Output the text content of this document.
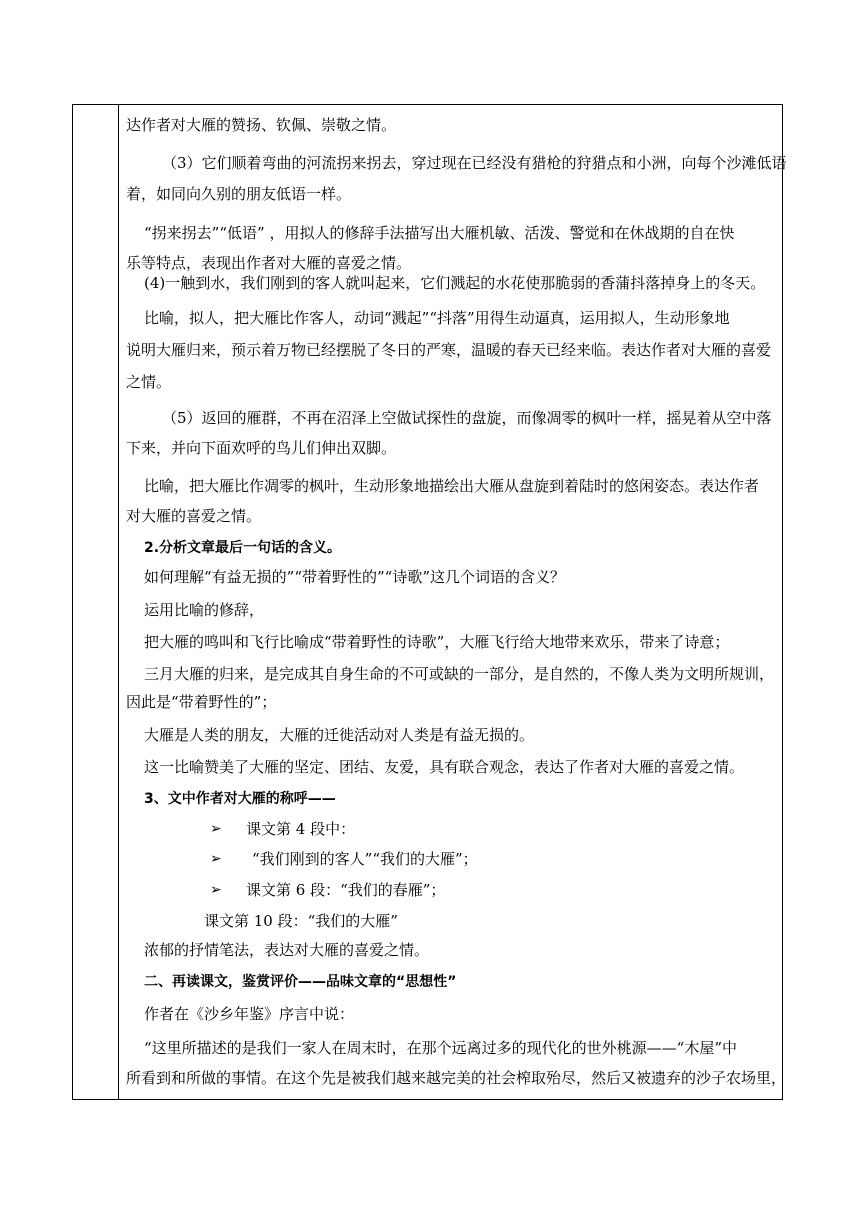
达作者对大雁的赞扬、钦佩、崇敬之情。
（3）它们顺着弯曲的河流拐来拐去，穿过现在已经没有猎枪的狩猎点和小洲，向每个沙滩低语
着，如同向久别的朋友低语一样。
“拐来拐去”“低语” ，用拟人的修辞手法描写出大雁机敏、活泼、警觉和在休战期的自在快
乐等特点，表现出作者对大雁的喜爱之情。
(4)一触到水，我们刚到的客人就叫起来，它们溅起的水花使那脆弱的香蒲抖落掉身上的冬天。
比喻，拟人，把大雁比作客人，动词“溅起”“抖落”用得生动逼真，运用拟人，生动形象地
说明大雁归来，预示着万物已经摆脱了冬日的严寒，温暖的春天已经来临。表达作者对大雁的喜爱
之情。
（5）返回的雁群，不再在沼泽上空做试探性的盘旋，而像凋零的枫叶一样，摇晃着从空中落
下来，并向下面欢呼的鸟儿们伸出双脚。
比喻，把大雁比作凋零的枫叶，生动形象地描绘出大雁从盘旋到着陆时的悠闲姿态。表达作者
对大雁的喜爱之情。
2.分析文章最后一句话的含义。
如何理解“有益无损的”“带着野性的”“诗歌”这几个词语的含义？
运用比喻的修辞，
把大雁的鸣叫和飞行比喻成“带着野性的诗歌”，大雁飞行给大地带来欢乐，带来了诗意；
三月大雁的归来，是完成其自身生命的不可或缺的一部分，是自然的，不像人类为文明所规训，
因此是“带着野性的”；
大雁是人类的朋友，大雁的迁徙活动对人类是有益无损的。
这一比喻赞美了大雁的坚定、团结、友爱，具有联合观念，表达了作者对大雁的喜爱之情。
3、文中作者对大雁的称呼——
➢ 课文第 4 段中：
➢ “我们刚到的客人”“我们的大雁”；
➢ 课文第 6 段：“我们的春雁”；
课文第 10 段：“我们的大雁”
浓郁的抒情笔法，表达对大雁的喜爱之情。
二、再读课文，鉴赏评价——品味文章的“思想性”
作者在《沙乡年鉴》序言中说：
“这里所描述的是我们一家人在周末时，在那个远离过多的现代化的世外桃源——“木屋”中
所看到和所做的事情。在这个先是被我们越来越完美的社会榨取殆尽，然后又被遗弃的沙子农场里，
